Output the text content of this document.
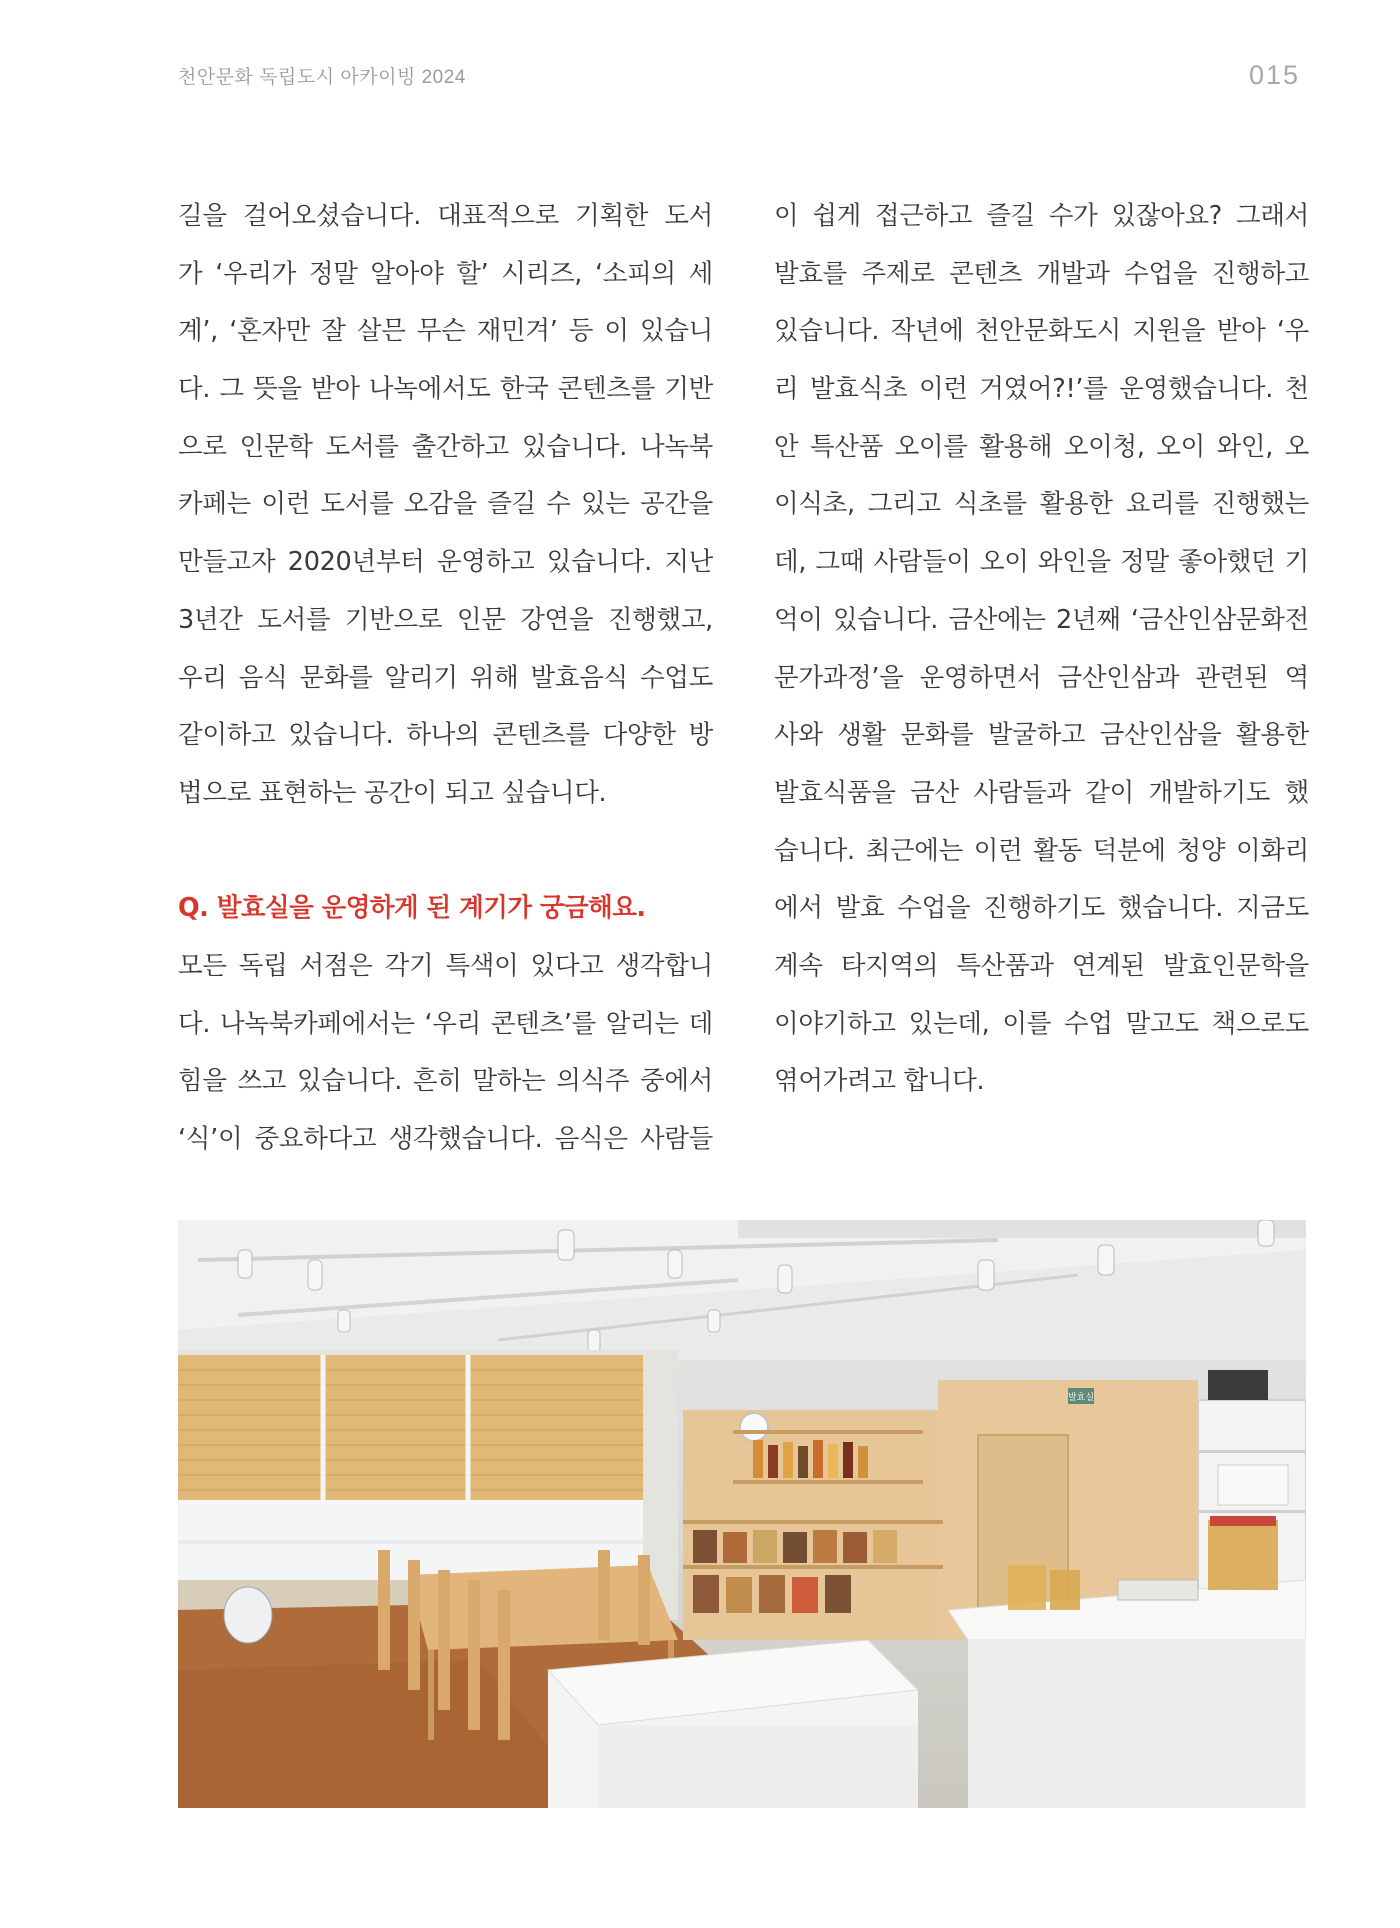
천안문화 독립도시 아카이빙 2024	015
길을 걸어오셨습니다. 대표적으로 기획한 도서
가 ‘우리가 정말 알아야 할’ 시리즈, ‘소피의 세
계’, ‘혼자만 잘 살믄 무슨 재민겨’ 등 이 있습니
다. 그 뜻을 받아 나녹에서도 한국 콘텐츠를 기반
으로 인문학 도서를 출간하고 있습니다. 나녹북
카페는 이런 도서를 오감을 즐길 수 있는 공간을
만들고자 2020년부터 운영하고 있습니다. 지난
3년간 도서를 기반으로 인문 강연을 진행했고,
우리 음식 문화를 알리기 위해 발효음식 수업도
같이하고 있습니다. 하나의 콘텐츠를 다양한 방
법으로 표현하는 공간이 되고 싶습니다.
Q. 발효실을 운영하게 된 계기가 궁금해요.
모든 독립 서점은 각기 특색이 있다고 생각합니
다. 나녹북카페에서는 ‘우리 콘텐츠’를 알리는 데
힘을 쓰고 있습니다. 흔히 말하는 의식주 중에서
‘식’이 중요하다고 생각했습니다. 음식은 사람들
이 쉽게 접근하고 즐길 수가 있잖아요? 그래서
발효를 주제로 콘텐츠 개발과 수업을 진행하고
있습니다. 작년에 천안문화도시 지원을 받아 ‘우
리 발효식초 이런 거였어?!’를 운영했습니다. 천
안 특산품 오이를 활용해 오이청, 오이 와인, 오
이식초, 그리고 식초를 활용한 요리를 진행했는
데, 그때 사람들이 오이 와인을 정말 좋아했던 기
억이 있습니다. 금산에는 2년째 ‘금산인삼문화전
문가과정’을 운영하면서 금산인삼과 관련된 역
사와 생활 문화를 발굴하고 금산인삼을 활용한
발효식품을 금산 사람들과 같이 개발하기도 했
습니다. 최근에는 이런 활동 덕분에 청양 이화리
에서 발효 수업을 진행하기도 했습니다. 지금도
계속 타지역의 특산품과 연계된 발효인문학을
이야기하고 있는데, 이를 수업 말고도 책으로도
엮어가려고 합니다.
발효실
